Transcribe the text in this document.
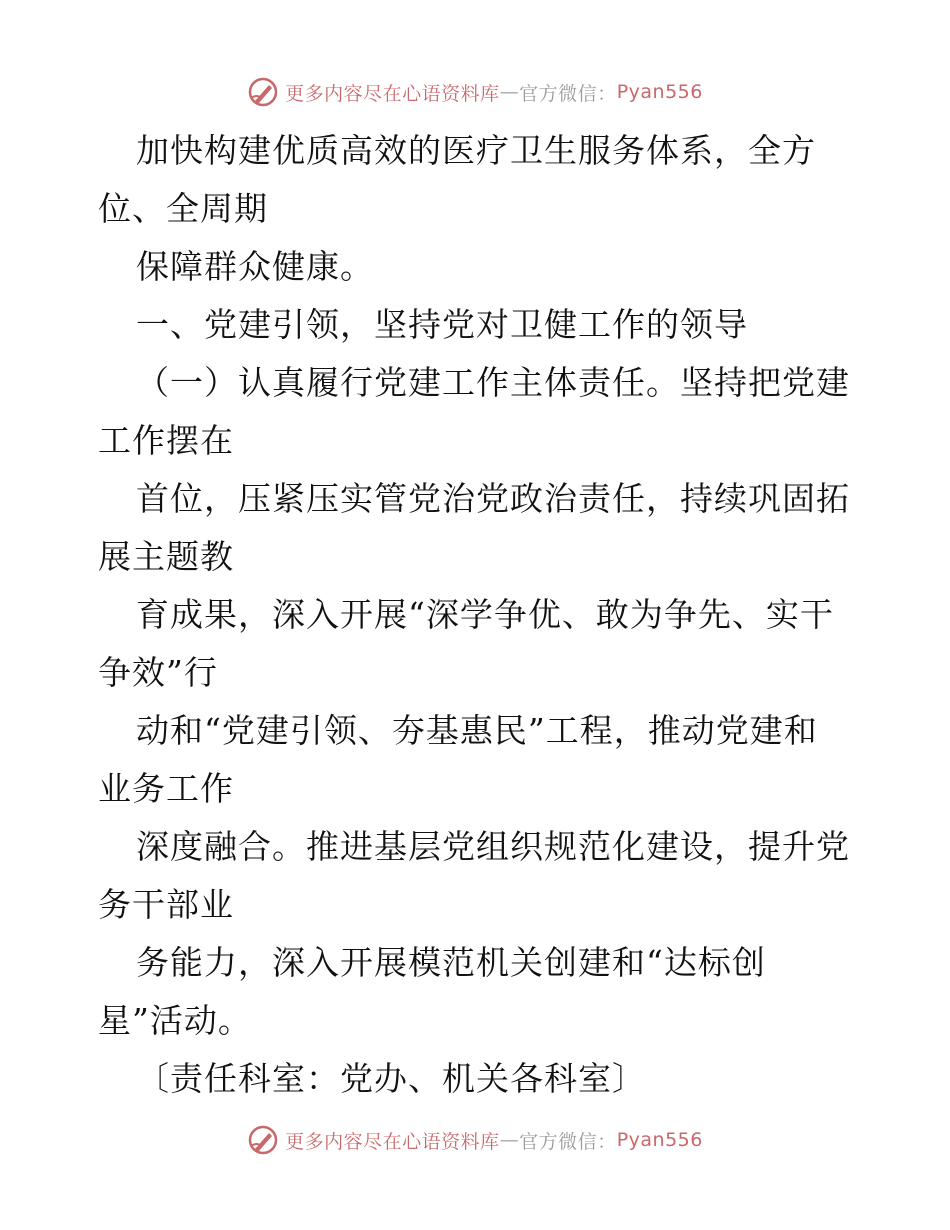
更多内容尽在心语资料库 — 官方微信： Pyan556
加快构建优质高效的医疗卫生服务体系，全方
位、全周期
保障群众健康。
一、党建引领，坚持党对卫健工作的领导
（一）认真履行党建工作主体责任。坚持把党建
工作摆在
首位，压紧压实管党治党政治责任，持续巩固拓
展主题教
育成果，深入开展“深学争优、敢为争先、实干
争效”行
动和“党建引领、夯基惠民”工程，推动党建和
业务工作
深度融合。推进基层党组织规范化建设，提升党
务干部业
务能力，深入开展模范机关创建和“达标创
星”活动。
〔责任科室：党办、机关各科室〕
更多内容尽在心语资料库 — 官方微信： Pyan556
